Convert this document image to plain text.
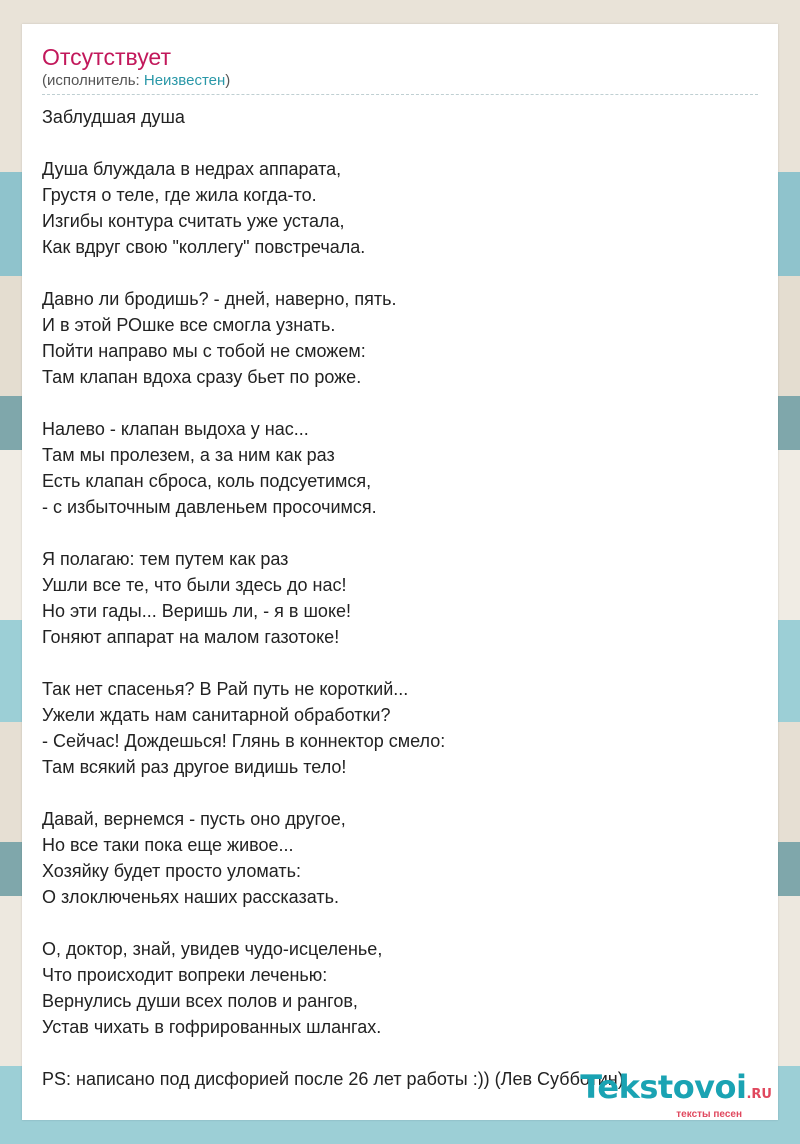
Отсутствует
(исполнитель: Неизвестен)
Заблудшая душа
Душа блуждала в недрах аппарата,
Грустя о теле, где жила когда-то.
Изгибы контура считать уже устала,
Как вдруг свою "коллегу" повстречала.
Давно ли бродишь? - дней, наверно, пять.
И в этой РОшке все смогла узнать.
Пойти направо мы с тобой не сможем:
Там клапан вдоха сразу бьет по роже.
Налево - клапан выдоха у нас...
Там мы пролезем, а за ним как раз
Есть клапан сброса, коль подсуетимся,
- с избыточным давленьем просочимся.
Я полагаю: тем путем как раз
Ушли все те, что были здесь до нас!
Но эти гады... Веришь ли, - я в шоке!
Гоняют аппарат на малом газотоке!
Так нет спасенья? В Рай путь не короткий...
Ужели ждать нам санитарной обработки?
- Сейчас! Дождешься! Глянь в коннектор смело:
Там всякий раз другое видишь тело!
Давай, вернемся - пусть оно другое,
Но все таки пока еще живое...
Хозяйку будет просто уломать:
О злоключеньях наших рассказать.
О, доктор, знай, увидев чудо-исцеленье,
Что происходит вопреки леченью:
Вернулись души всех полов и рангов,
Устав чихать в гофрированных шлангах.
PS: написано под дисфорией после 26 лет работы :)) (Лев Субботин)
Tekstovoi.RU
тексты песен
